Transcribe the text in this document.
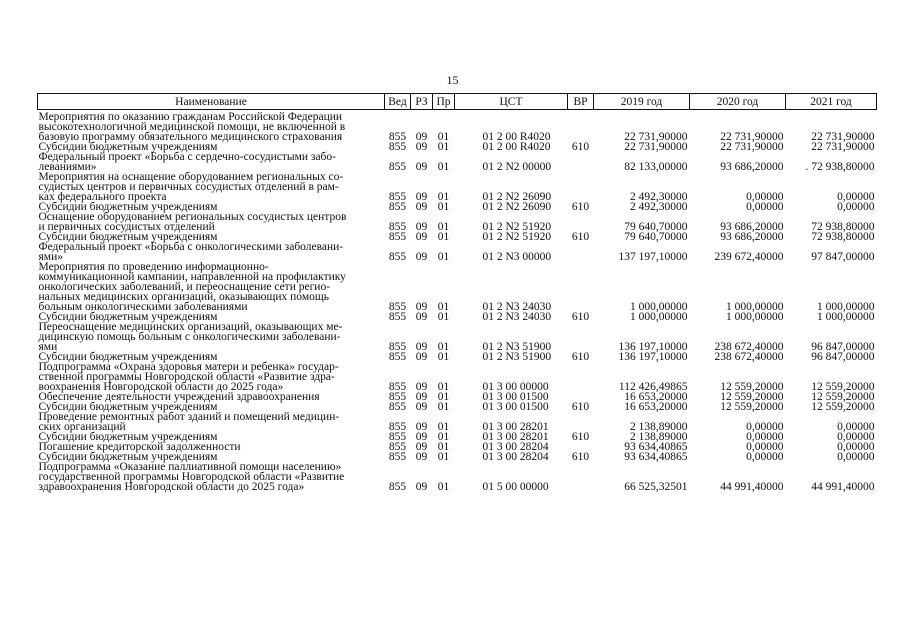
15
Наименование	Вед	РЗ	Пр	ЦСТ	ВР	2019 год	2020 год	2021 год

Мероприятия по оказанию гражданам Российской Федерации
высокотехнологичной медицинской помощи, не включенной в
базовую программу обязательного медицинского страхования	855	09	01	01 2 00 R4020		22 731,90000	22 731,90000	22 731,90000

Субсидии бюджетным учреждениям	855	09	01	01 2 00 R4020	610	22 731,90000	22 731,90000	22 731,90000

Федеральный проект «Борьба с сердечно-сосудистыми забо-
леваниями»	855	09	01	01 2 N2 00000		82 133,00000	93 686,20000	. 72 938,80000

Мероприятия на оснащение оборудованием региональных со-
судистых центров и первичных сосудистых отделений в рам-
ках федерального проекта	855	09	01	01 2 N2 26090		2 492,30000	0,00000	0,00000

Субсидии бюджетным учреждениям	855	09	01	01 2 N2 26090	610	2 492,30000	0,00000	0,00000

Оснащение оборудованием региональных сосудистых центров
и первичных сосудистых отделений	855	09	01	01 2 N2 51920		79 640,70000	93 686,20000	72 938,80000

Субсидии бюджетным учреждениям	855	09	01	01 2 N2 51920	610	79 640,70000	93 686,20000	72 938,80000

Федеральный проект «Борьба с онкологическими заболевани-
ями»	855	09	01	01 2 N3 00000		137 197,10000	239 672,40000	97 847,00000

Мероприятия по проведению информационно-
коммуникационной кампании, направленной на профилактику
онкологических заболеваний, и переоснащение сети регио-
нальных медицинских организаций, оказывающих помощь
больным онкологическими заболеваниями	855	09	01	01 2 N3 24030		1 000,00000	1 000,00000	1 000,00000

Субсидии бюджетным учреждениям	855	09	01	01 2 N3 24030	610	1 000,00000	1 000,00000	1 000,00000

Переоснащение медицинских организаций, оказывающих ме-
дицинскую помощь больным с онкологическими заболевани-
ями	855	09	01	01 2 N3 51900		136 197,10000	238 672,40000	96 847,00000

Субсидии бюджетным учреждениям	855	09	01	01 2 N3 51900	610	136 197,10000	238 672,40000	96 847,00000

Подпрограмма «Охрана здоровья матери и ребенка» государ-
ственной программы Новгородской области «Развитие здра-
воохранения Новгородской области до 2025 года»	855	09	01	01 3 00 00000		112 426,49865	12 559,20000	12 559,20000

Обеспечение деятельности учреждений здравоохранения	855	09	01	01 3 00 01500		16 653,20000	12 559,20000	12 559,20000

Субсидии бюджетным учреждениям	855	09	01	01 3 00 01500	610	16 653,20000	12 559,20000	12 559,20000

Проведение ремонтных работ зданий и помещений медицин-
ских организаций	855	09	01	01 3 00 28201		2 138,89000	0,00000	0,00000

Субсидии бюджетным учреждениям	855	09	01	01 3 00 28201	610	2 138,89000	0,00000	0,00000

Погашение кредиторской задолженности	855	09	01	01 3 00 28204		93 634,40865	0,00000	0,00000

Субсидии бюджетным учреждениям	855	09	01	01 3 00 28204	610	93 634,40865	0,00000	0,00000

Подпрограмма «Оказание паллиативной помощи населению»
государственной программы Новгородской области «Развитие
здравоохранения Новгородской области до 2025 года»	855	09	01	01 5 00 00000		66 525,32501	44 991,40000	44 991,40000
